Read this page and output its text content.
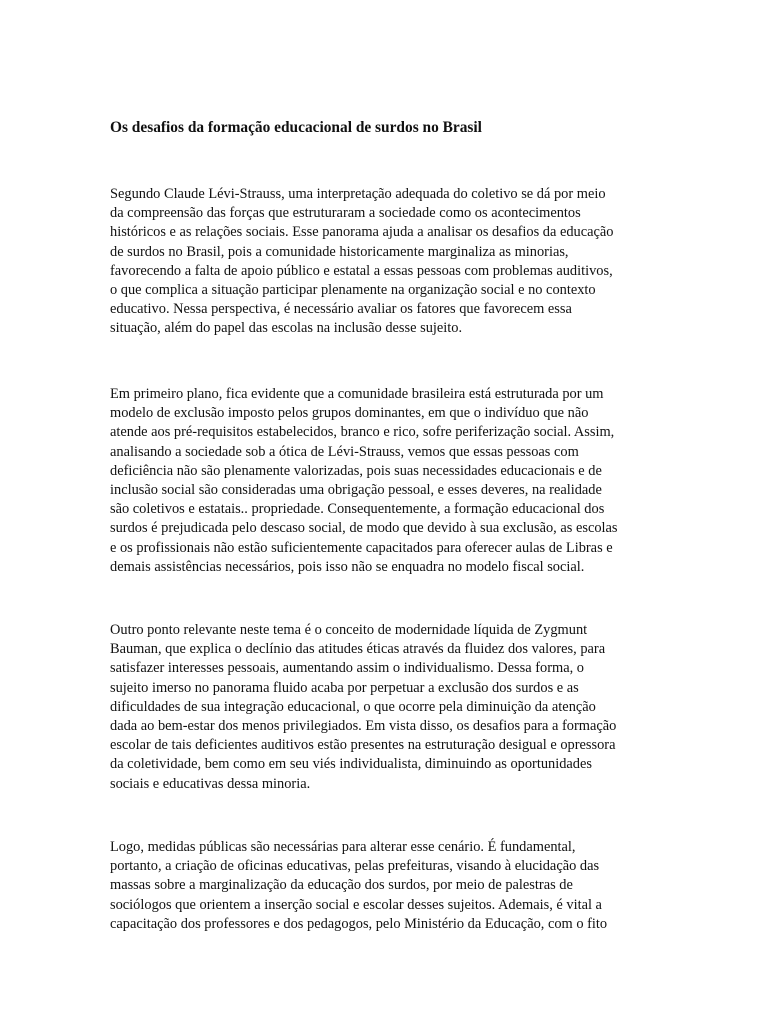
Os desafios da formação educacional de surdos no Brasil

Segundo Claude Lévi-Strauss, uma interpretação adequada do coletivo se dá por meio
da compreensão das forças que estruturaram a sociedade como os acontecimentos
históricos e as relações sociais. Esse panorama ajuda a analisar os desafios da educação
de surdos no Brasil, pois a comunidade historicamente marginaliza as minorias,
favorecendo a falta de apoio público e estatal a essas pessoas com problemas auditivos,
o que complica a situação participar plenamente na organização social e no contexto
educativo. Nessa perspectiva, é necessário avaliar os fatores que favorecem essa
situação, além do papel das escolas na inclusão desse sujeito.

Em primeiro plano, fica evidente que a comunidade brasileira está estruturada por um
modelo de exclusão imposto pelos grupos dominantes, em que o indivíduo que não
atende aos pré-requisitos estabelecidos, branco e rico, sofre periferização social. Assim,
analisando a sociedade sob a ótica de Lévi-Strauss, vemos que essas pessoas com
deficiência não são plenamente valorizadas, pois suas necessidades educacionais e de
inclusão social são consideradas uma obrigação pessoal, e esses deveres, na realidade
são coletivos e estatais.. propriedade. Consequentemente, a formação educacional dos
surdos é prejudicada pelo descaso social, de modo que devido à sua exclusão, as escolas
e os profissionais não estão suficientemente capacitados para oferecer aulas de Libras e
demais assistências necessários, pois isso não se enquadra no modelo fiscal social.

Outro ponto relevante neste tema é o conceito de modernidade líquida de Zygmunt
Bauman, que explica o declínio das atitudes éticas através da fluidez dos valores, para
satisfazer interesses pessoais, aumentando assim o individualismo. Dessa forma, o
sujeito imerso no panorama fluido acaba por perpetuar a exclusão dos surdos e as
dificuldades de sua integração educacional, o que ocorre pela diminuição da atenção
dada ao bem-estar dos menos privilegiados. Em vista disso, os desafios para a formação
escolar de tais deficientes auditivos estão presentes na estruturação desigual e opressora
da coletividade, bem como em seu viés individualista, diminuindo as oportunidades
sociais e educativas dessa minoria.

Logo, medidas públicas são necessárias para alterar esse cenário. É fundamental,
portanto, a criação de oficinas educativas, pelas prefeituras, visando à elucidação das
massas sobre a marginalização da educação dos surdos, por meio de palestras de
sociólogos que orientem a inserção social e escolar desses sujeitos. Ademais, é vital a
capacitação dos professores e dos pedagogos, pelo Ministério da Educação, com o fito
